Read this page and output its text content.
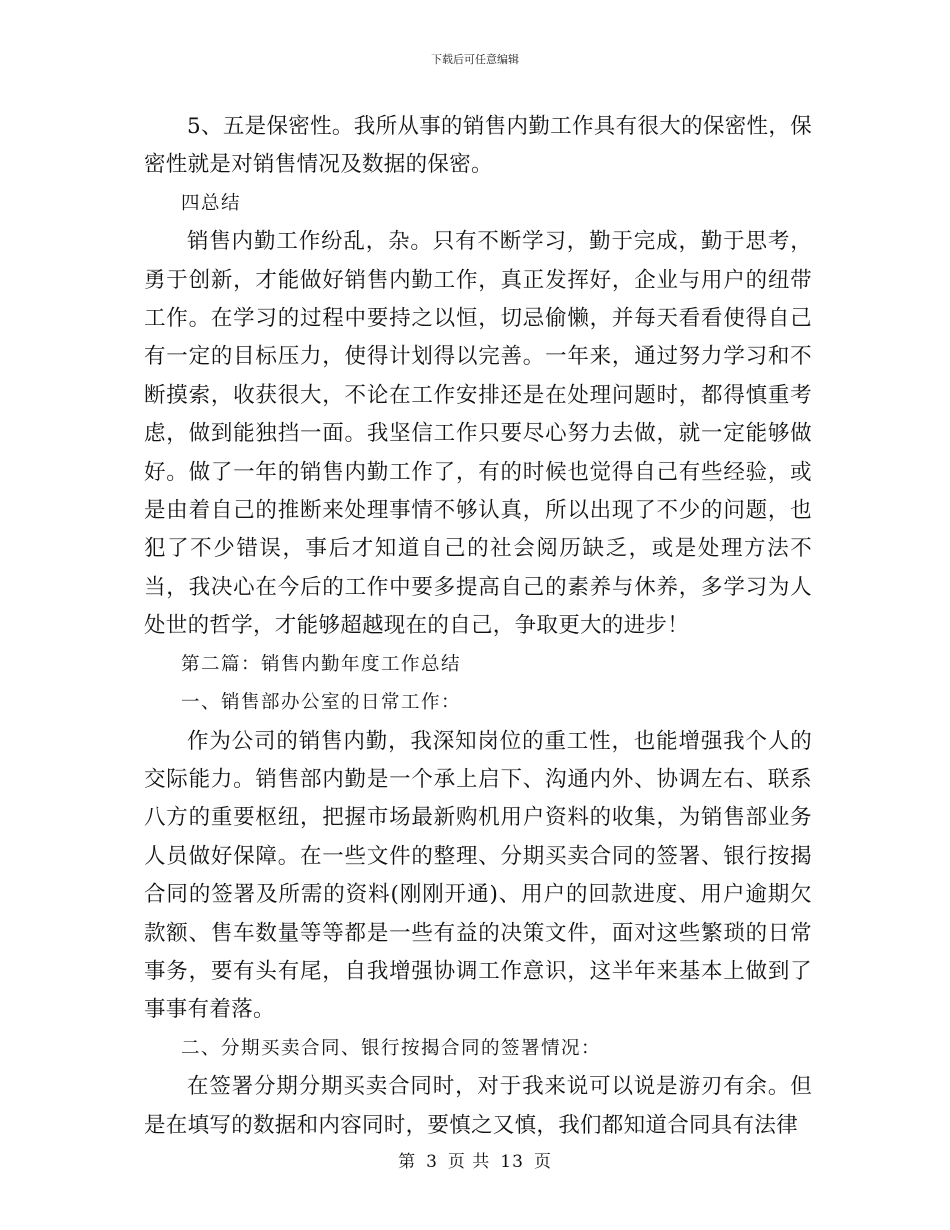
下载后可任意编辑

5、五是保密性。我所从事的销售内勤工作具有很大的保密性，保密性就是对销售情况及数据的保密。

四总结

销售内勤工作纷乱，杂。只有不断学习，勤于完成，勤于思考，勇于创新，才能做好销售内勤工作，真正发挥好，企业与用户的纽带工作。在学习的过程中要持之以恒，切忌偷懒，并每天看看使得自己有一定的目标压力，使得计划得以完善。一年来，通过努力学习和不断摸索，收获很大，不论在工作安排还是在处理问题时，都得慎重考虑，做到能独挡一面。我坚信工作只要尽心努力去做，就一定能够做好。做了一年的销售内勤工作了，有的时候也觉得自己有些经验，或是由着自己的推断来处理事情不够认真，所以出现了不少的问题，也犯了不少错误，事后才知道自己的社会阅历缺乏，或是处理方法不当，我决心在今后的工作中要多提高自己的素养与休养，多学习为人处世的哲学，才能够超越现在的自己，争取更大的进步！

第二篇：销售内勤年度工作总结

一、销售部办公室的日常工作：

作为公司的销售内勤，我深知岗位的重工性，也能增强我个人的交际能力。销售部内勤是一个承上启下、沟通内外、协调左右、联系八方的重要枢纽，把握市场最新购机用户资料的收集，为销售部业务人员做好保障。在一些文件的整理、分期买卖合同的签署、银行按揭合同的签署及所需的资料(刚刚开通)、用户的回款进度、用户逾期欠款额、售车数量等等都是一些有益的决策文件，面对这些繁琐的日常事务，要有头有尾，自我增强协调工作意识，这半年来基本上做到了事事有着落。

二、分期买卖合同、银行按揭合同的签署情况：

在签署分期分期买卖合同时，对于我来说可以说是游刃有余。但是在填写的数据和内容同时，要慎之又慎，我们都知道合同具有法律

第 3 页 共 13 页
